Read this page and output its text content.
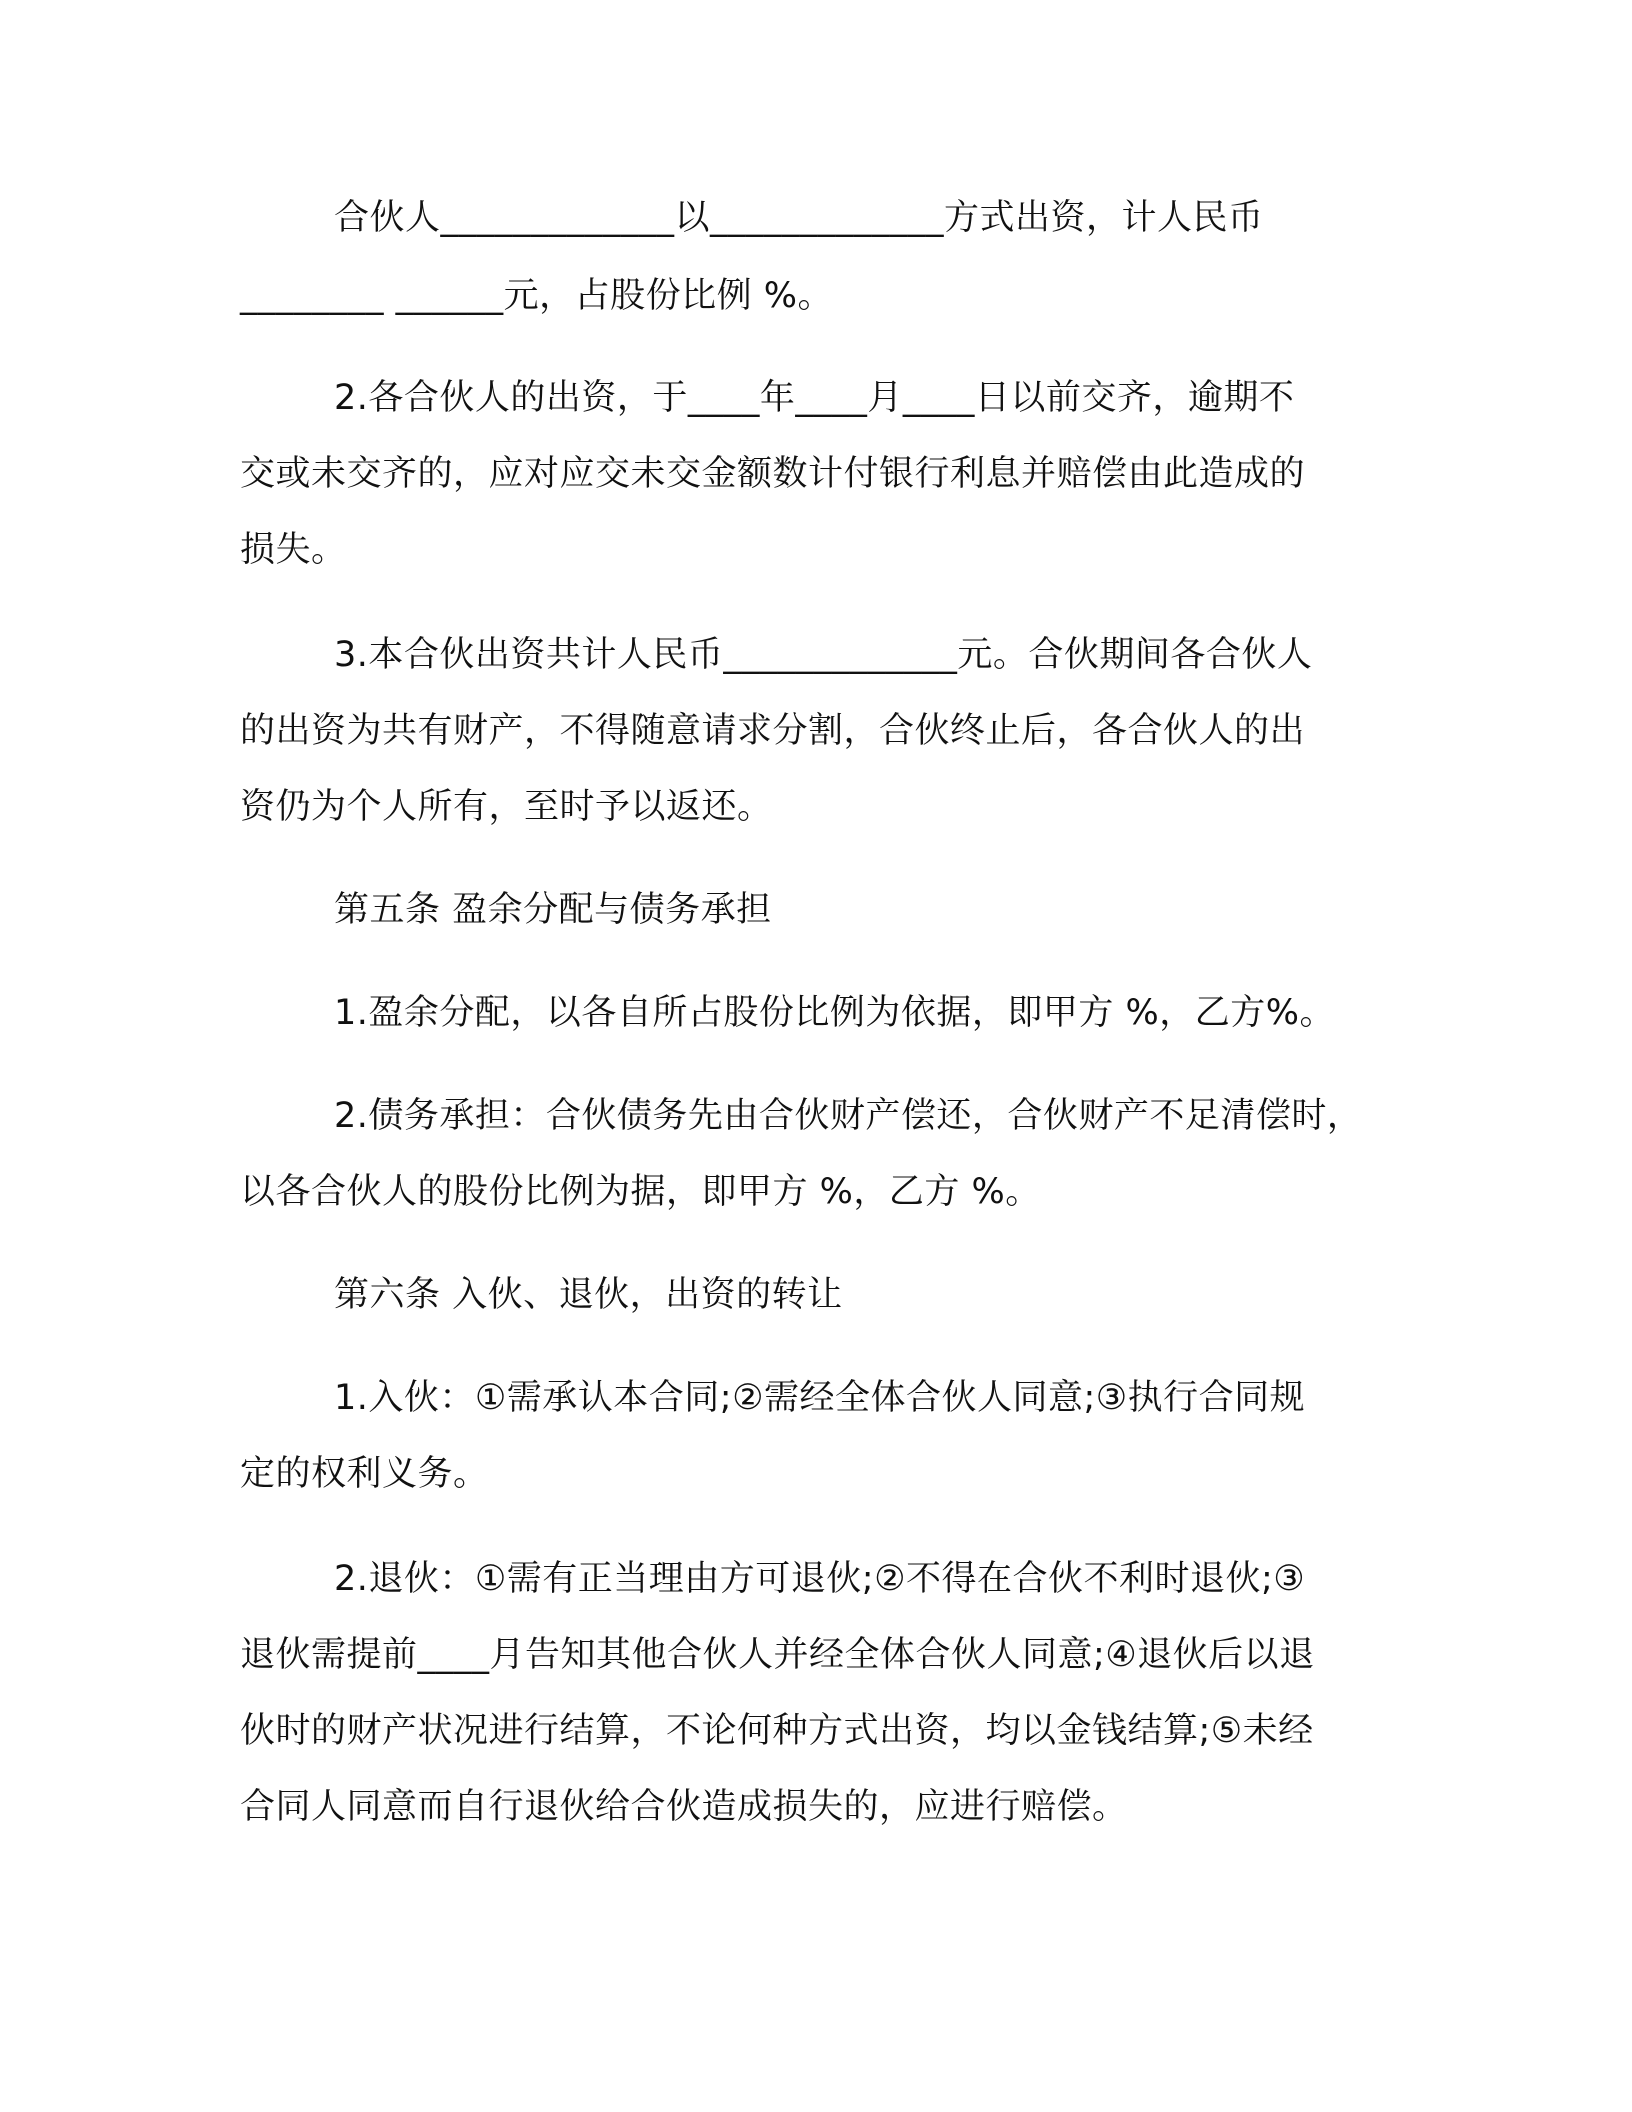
合伙人_____________以_____________方式出资，计人民币
________ ______元，占股份比例 %。
2.各合伙人的出资，于____年____月____日以前交齐，逾期不
交或未交齐的，应对应交未交金额数计付银行利息并赔偿由此造成的
损失。
3.本合伙出资共计人民币_____________元。合伙期间各合伙人
的出资为共有财产，不得随意请求分割，合伙终止后，各合伙人的出
资仍为个人所有，至时予以返还。
第五条 盈余分配与债务承担
1.盈余分配，以各自所占股份比例为依据，即甲方 %，乙方%。
2.债务承担：合伙债务先由合伙财产偿还，合伙财产不足清偿时，
以各合伙人的股份比例为据，即甲方 %，乙方 %。
第六条 入伙、退伙，出资的转让
1.入伙：①需承认本合同;②需经全体合伙人同意;③执行合同规
定的权利义务。
2.退伙：①需有正当理由方可退伙;②不得在合伙不利时退伙;③
退伙需提前____月告知其他合伙人并经全体合伙人同意;④退伙后以退
伙时的财产状况进行结算，不论何种方式出资，均以金钱结算;⑤未经
合同人同意而自行退伙给合伙造成损失的，应进行赔偿。
